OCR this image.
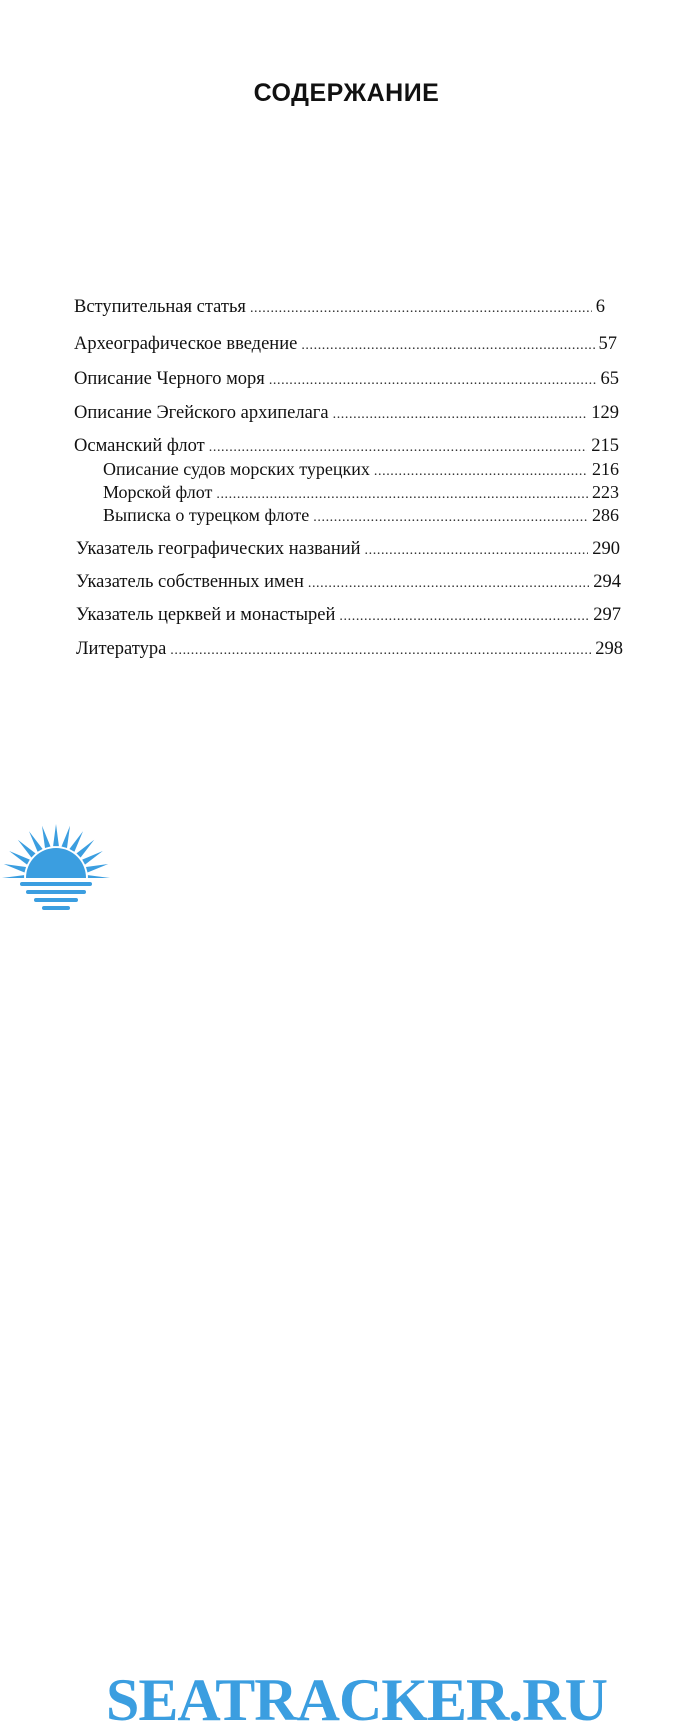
СОДЕРЖАНИЕ
Вступительная статья .....	6
Археографическое введение .....	57
Описание Черного моря .....	65
Описание Эгейского архипелага .....	129
Османский флот .....	215
Описание судов морских турецких .....	216
Морской флот .....	223
Выписка о турецком флоте .....	286
Указатель географических названий .....	290
Указатель собственных имен .....	294
Указатель церквей и монастырей .....	297
Литература .....	298
SEATRACKER.RU
